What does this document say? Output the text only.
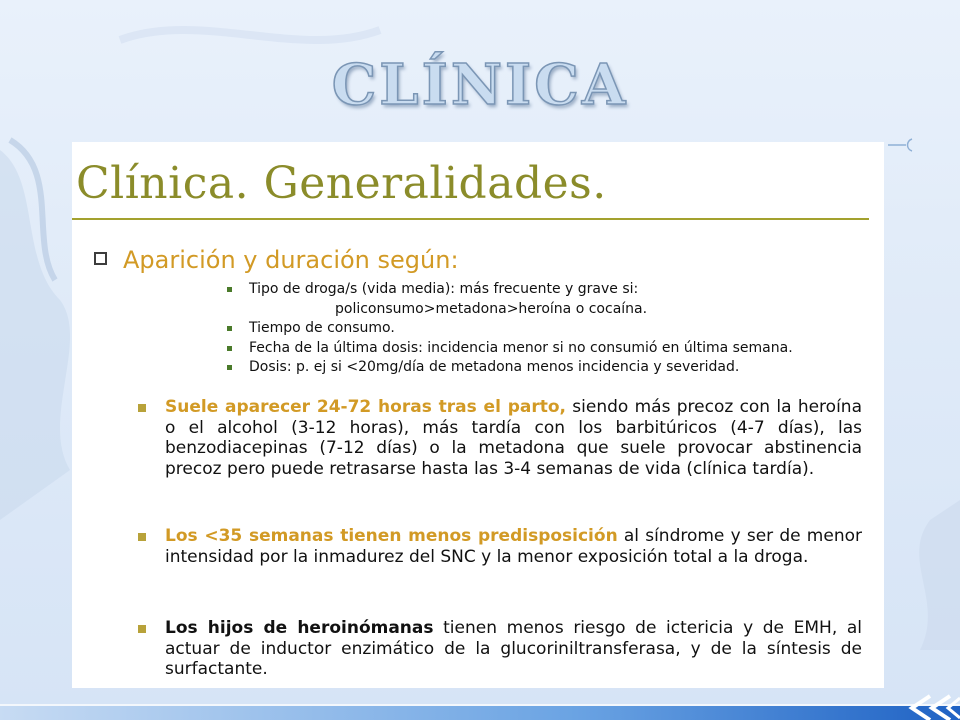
CLÍNICA
Clínica. Generalidades.
Aparición y duración según:
Tipo de droga/s (vida media): más frecuente y grave si:
policonsumo>metadona>heroína o cocaína.
Tiempo de consumo.
Fecha de la última dosis: incidencia menor si no consumió en última semana.
Dosis: p. ej si <20mg/día de metadona menos incidencia y severidad.
Suele aparecer 24-72 horas tras el parto, siendo más precoz con la heroína o el alcohol (3-12 horas), más tardía con los barbitúricos (4-7 días), las benzodiacepinas (7-12 días) o la metadona que suele provocar abstinencia precoz pero puede retrasarse hasta las 3-4 semanas de vida (clínica tardía).
Los <35 semanas tienen menos predisposición al síndrome y ser de menor intensidad por la inmadurez del SNC y la menor exposición total a la droga.
Los hijos de heroinómanas tienen menos riesgo de ictericia y de EMH, al actuar de inductor enzimático de la glucoriniltransferasa, y de la síntesis de surfactante.
